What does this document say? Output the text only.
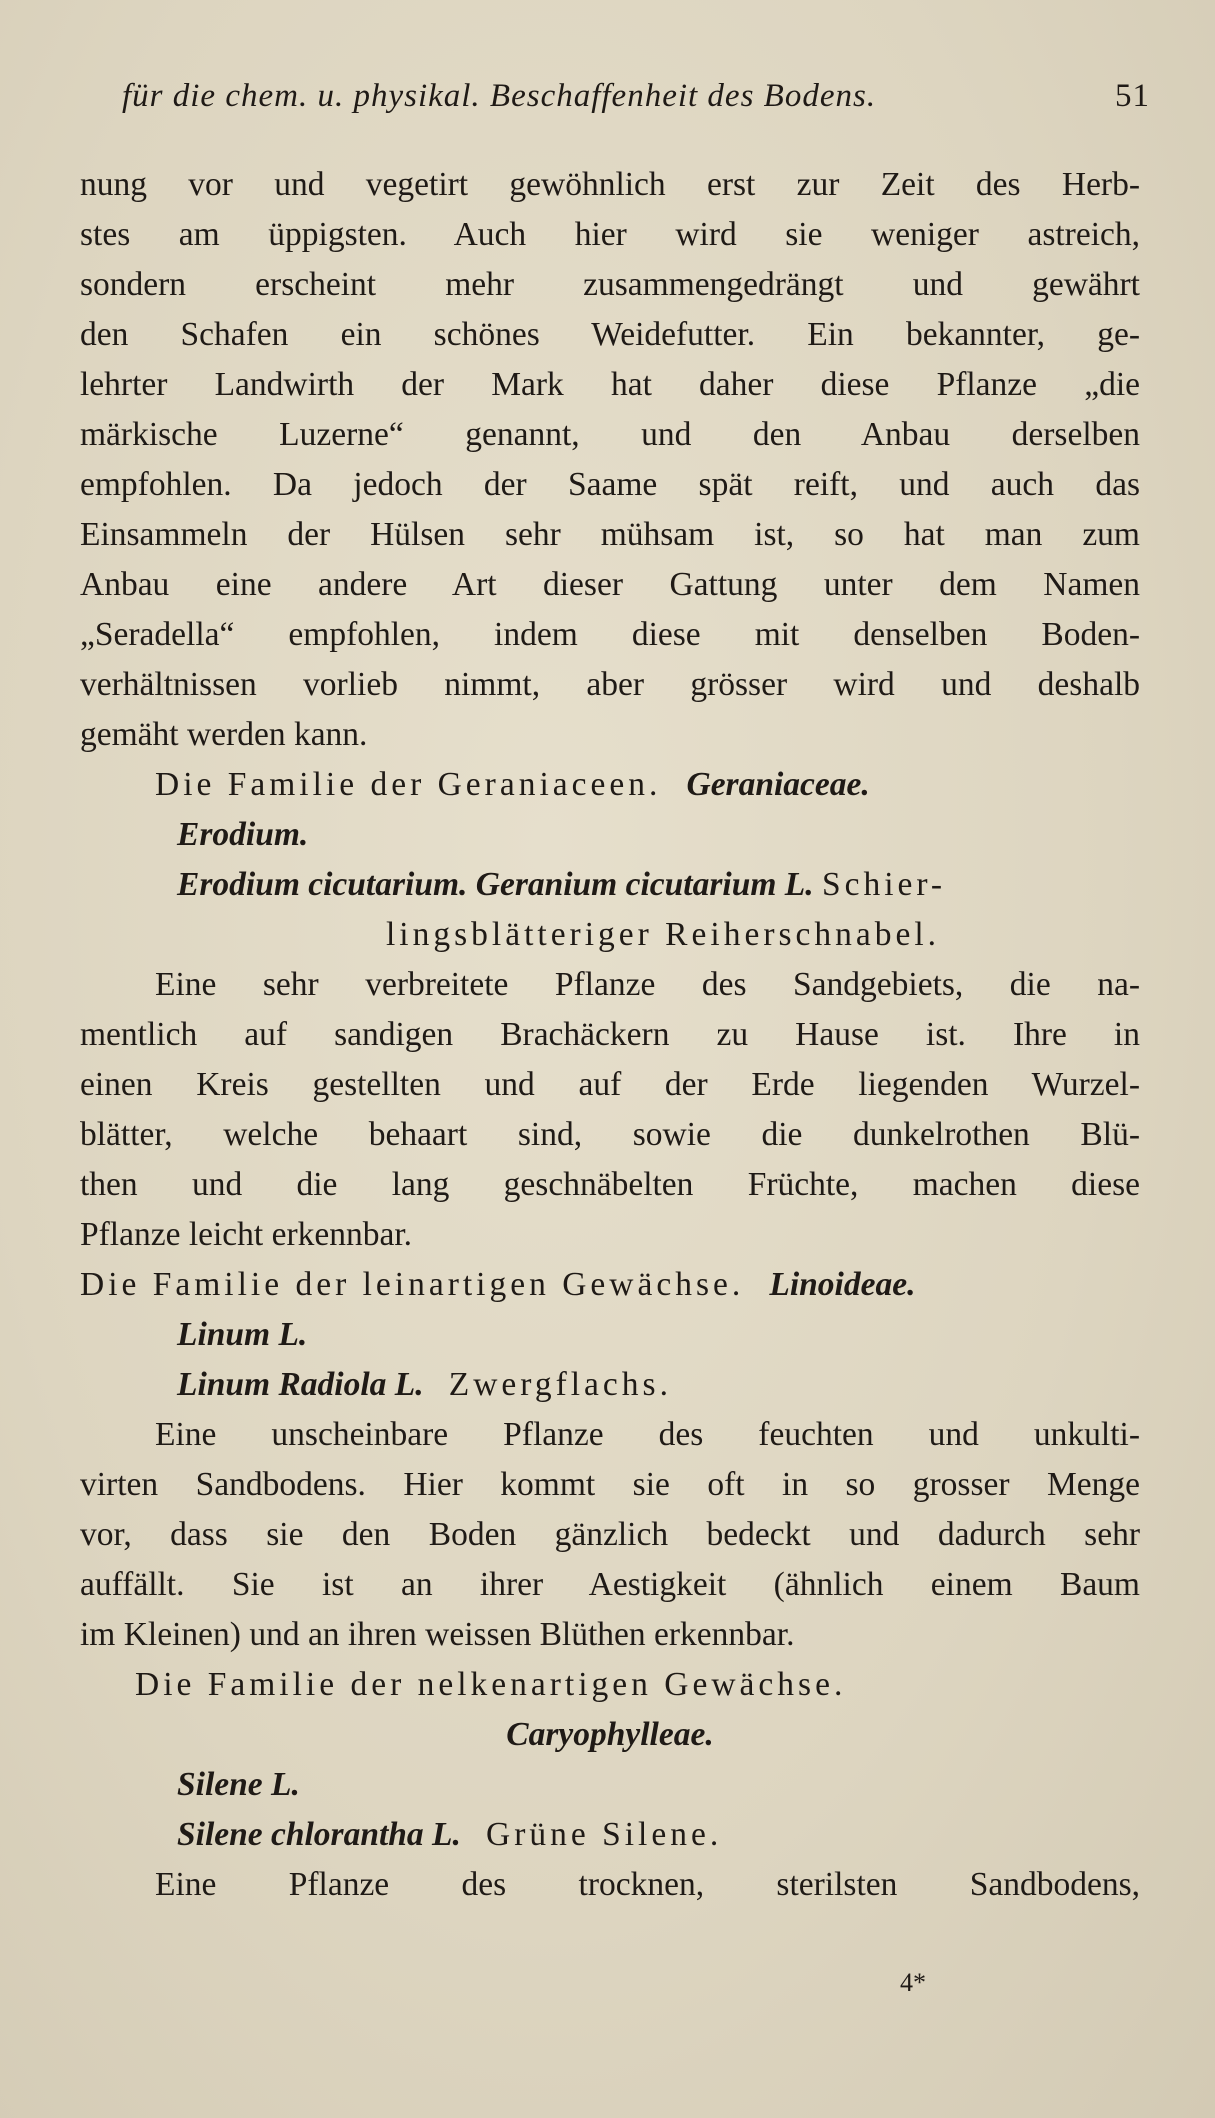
für die chem. u. physikal. Beschaffenheit des Bodens.	51
nung vor und vegetirt gewöhnlich erst zur Zeit des Herb-
stes am üppigsten. Auch hier wird sie weniger astreich,
sondern erscheint mehr zusammengedrängt und gewährt
den Schafen ein schönes Weidefutter. Ein bekannter, ge-
lehrter Landwirth der Mark hat daher diese Pflanze „die
märkische Luzerne“ genannt, und den Anbau derselben
empfohlen. Da jedoch der Saame spät reift, und auch das
Einsammeln der Hülsen sehr mühsam ist, so hat man zum
Anbau eine andere Art dieser Gattung unter dem Namen
„Seradella“ empfohlen, indem diese mit denselben Boden-
verhältnissen vorlieb nimmt, aber grösser wird und deshalb
gemäht werden kann.
Die Familie der Geraniaceen. Geraniaceae.
Erodium.
Erodium cicutarium. Geranium cicutarium L. Schier-
lingsblätteriger Reiherschnabel.
Eine sehr verbreitete Pflanze des Sandgebiets, die na-
mentlich auf sandigen Brachäckern zu Hause ist. Ihre in
einen Kreis gestellten und auf der Erde liegenden Wurzel-
blätter, welche behaart sind, sowie die dunkelrothen Blü-
then und die lang geschnäbelten Früchte, machen diese
Pflanze leicht erkennbar.
Die Familie der leinartigen Gewächse. Linoideae.
Linum L.
Linum Radiola L. Zwergflachs.
Eine unscheinbare Pflanze des feuchten und unkulti-
virten Sandbodens. Hier kommt sie oft in so grosser Menge
vor, dass sie den Boden gänzlich bedeckt und dadurch sehr
auffällt. Sie ist an ihrer Aestigkeit (ähnlich einem Baum
im Kleinen) und an ihren weissen Blüthen erkennbar.
Die Familie der nelkenartigen Gewächse.
Caryophylleae.
Silene L.
Silene chlorantha L. Grüne Silene.
Eine Pflanze des trocknen, sterilsten Sandbodens,
4*
